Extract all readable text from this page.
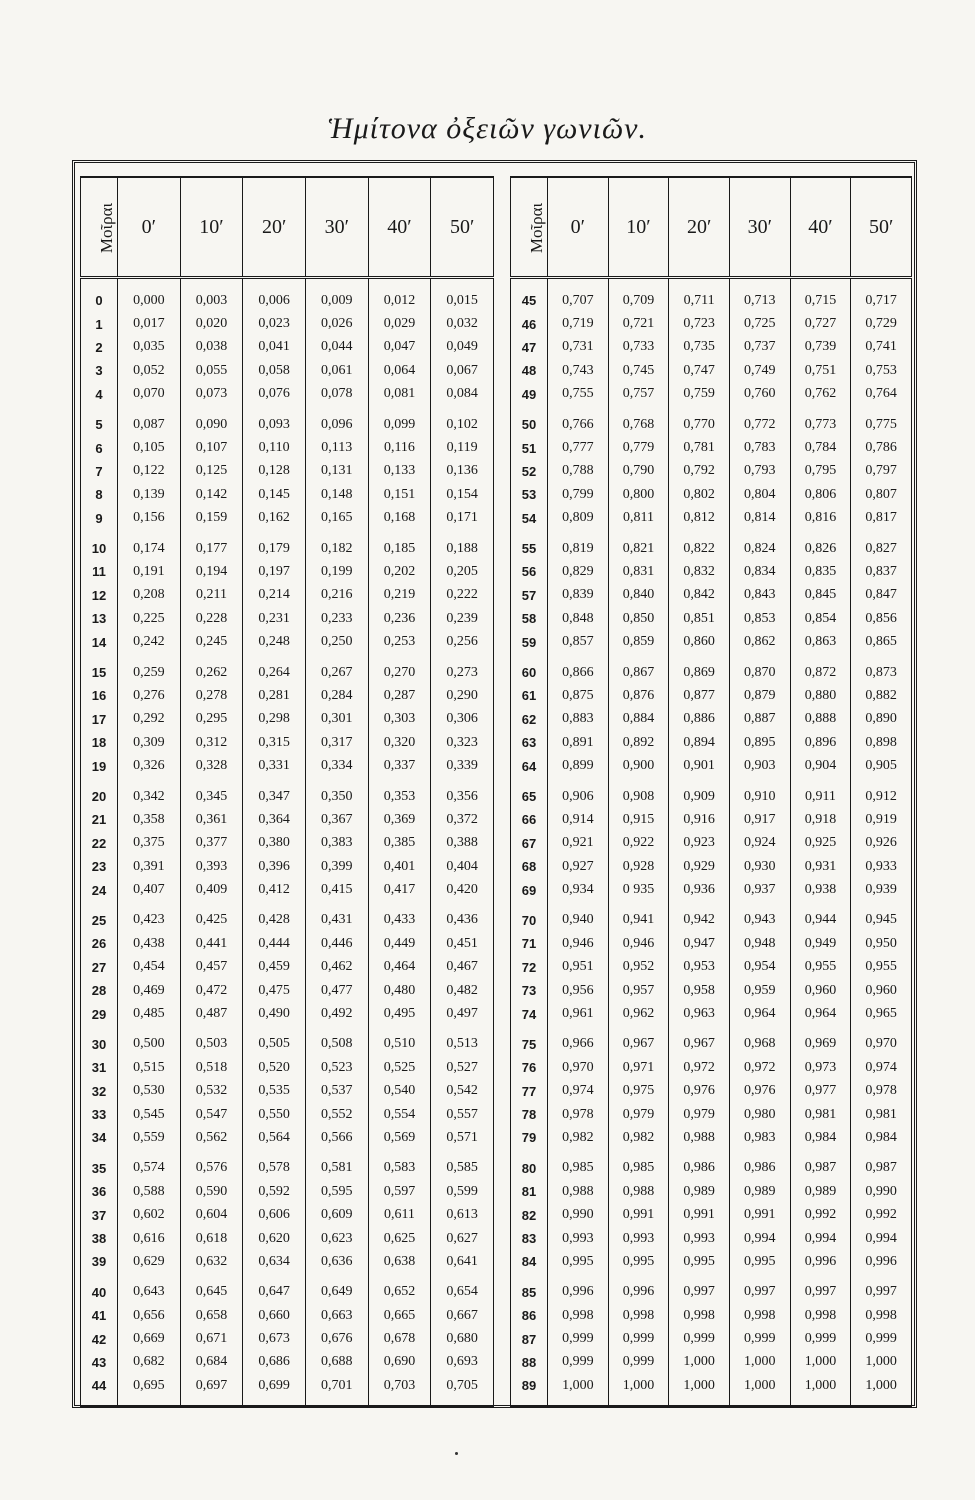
Ἡμίτονα ὀξειῶν γωνιῶν.
Μοῖραι	0′	10′	20′	30′	40′	50′
0	0,000	0,003	0,006	0,009	0,012	0,015
1	0,017	0,020	0,023	0,026	0,029	0,032
2	0,035	0,038	0,041	0,044	0,047	0,049
3	0,052	0,055	0,058	0,061	0,064	0,067
4	0,070	0,073	0,076	0,078	0,081	0,084
5	0,087	0,090	0,093	0,096	0,099	0,102
6	0,105	0,107	0,110	0,113	0,116	0,119
7	0,122	0,125	0,128	0,131	0,133	0,136
8	0,139	0,142	0,145	0,148	0,151	0,154
9	0,156	0,159	0,162	0,165	0,168	0,171
10	0,174	0,177	0,179	0,182	0,185	0,188
11	0,191	0,194	0,197	0,199	0,202	0,205
12	0,208	0,211	0,214	0,216	0,219	0,222
13	0,225	0,228	0,231	0,233	0,236	0,239
14	0,242	0,245	0,248	0,250	0,253	0,256
15	0,259	0,262	0,264	0,267	0,270	0,273
16	0,276	0,278	0,281	0,284	0,287	0,290
17	0,292	0,295	0,298	0,301	0,303	0,306
18	0,309	0,312	0,315	0,317	0,320	0,323
19	0,326	0,328	0,331	0,334	0,337	0,339
20	0,342	0,345	0,347	0,350	0,353	0,356
21	0,358	0,361	0,364	0,367	0,369	0,372
22	0,375	0,377	0,380	0,383	0,385	0,388
23	0,391	0,393	0,396	0,399	0,401	0,404
24	0,407	0,409	0,412	0,415	0,417	0,420
25	0,423	0,425	0,428	0,431	0,433	0,436
26	0,438	0,441	0,444	0,446	0,449	0,451
27	0,454	0,457	0,459	0,462	0,464	0,467
28	0,469	0,472	0,475	0,477	0,480	0,482
29	0,485	0,487	0,490	0,492	0,495	0,497
30	0,500	0,503	0,505	0,508	0,510	0,513
31	0,515	0,518	0,520	0,523	0,525	0,527
32	0,530	0,532	0,535	0,537	0,540	0,542
33	0,545	0,547	0,550	0,552	0,554	0,557
34	0,559	0,562	0,564	0,566	0,569	0,571
35	0,574	0,576	0,578	0,581	0,583	0,585
36	0,588	0,590	0,592	0,595	0,597	0,599
37	0,602	0,604	0,606	0,609	0,611	0,613
38	0,616	0,618	0,620	0,623	0,625	0,627
39	0,629	0,632	0,634	0,636	0,638	0,641
40	0,643	0,645	0,647	0,649	0,652	0,654
41	0,656	0,658	0,660	0,663	0,665	0,667
42	0,669	0,671	0,673	0,676	0,678	0,680
43	0,682	0,684	0,686	0,688	0,690	0,693
44	0,695	0,697	0,699	0,701	0,703	0,705
Μοῖραι	0′	10′	20′	30′	40′	50′
45	0,707	0,709	0,711	0,713	0,715	0,717
46	0,719	0,721	0,723	0,725	0,727	0,729
47	0,731	0,733	0,735	0,737	0,739	0,741
48	0,743	0,745	0,747	0,749	0,751	0,753
49	0,755	0,757	0,759	0,760	0,762	0,764
50	0,766	0,768	0,770	0,772	0,773	0,775
51	0,777	0,779	0,781	0,783	0,784	0,786
52	0,788	0,790	0,792	0,793	0,795	0,797
53	0,799	0,800	0,802	0,804	0,806	0,807
54	0,809	0,811	0,812	0,814	0,816	0,817
55	0,819	0,821	0,822	0,824	0,826	0,827
56	0,829	0,831	0,832	0,834	0,835	0,837
57	0,839	0,840	0,842	0,843	0,845	0,847
58	0,848	0,850	0,851	0,853	0,854	0,856
59	0,857	0,859	0,860	0,862	0,863	0,865
60	0,866	0,867	0,869	0,870	0,872	0,873
61	0,875	0,876	0,877	0,879	0,880	0,882
62	0,883	0,884	0,886	0,887	0,888	0,890
63	0,891	0,892	0,894	0,895	0,896	0,898
64	0,899	0,900	0,901	0,903	0,904	0,905
65	0,906	0,908	0,909	0,910	0,911	0,912
66	0,914	0,915	0,916	0,917	0,918	0,919
67	0,921	0,922	0,923	0,924	0,925	0,926
68	0,927	0,928	0,929	0,930	0,931	0,933
69	0,934	0 935	0,936	0,937	0,938	0,939
70	0,940	0,941	0,942	0,943	0,944	0,945
71	0,946	0,946	0,947	0,948	0,949	0,950
72	0,951	0,952	0,953	0,954	0,955	0,955
73	0,956	0,957	0,958	0,959	0,960	0,960
74	0,961	0,962	0,963	0,964	0,964	0,965
75	0,966	0,967	0,967	0,968	0,969	0,970
76	0,970	0,971	0,972	0,972	0,973	0,974
77	0,974	0,975	0,976	0,976	0,977	0,978
78	0,978	0,979	0,979	0,980	0,981	0,981
79	0,982	0,982	0,988	0,983	0,984	0,984
80	0,985	0,985	0,986	0,986	0,987	0,987
81	0,988	0,988	0,989	0,989	0,989	0,990
82	0,990	0,991	0,991	0,991	0,992	0,992
83	0,993	0,993	0,993	0,994	0,994	0,994
84	0,995	0,995	0,995	0,995	0,996	0,996
85	0,996	0,996	0,997	0,997	0,997	0,997
86	0,998	0,998	0,998	0,998	0,998	0,998
87	0,999	0,999	0,999	0,999	0,999	0,999
88	0,999	0,999	1,000	1,000	1,000	1,000
89	1,000	1,000	1,000	1,000	1,000	1,000
